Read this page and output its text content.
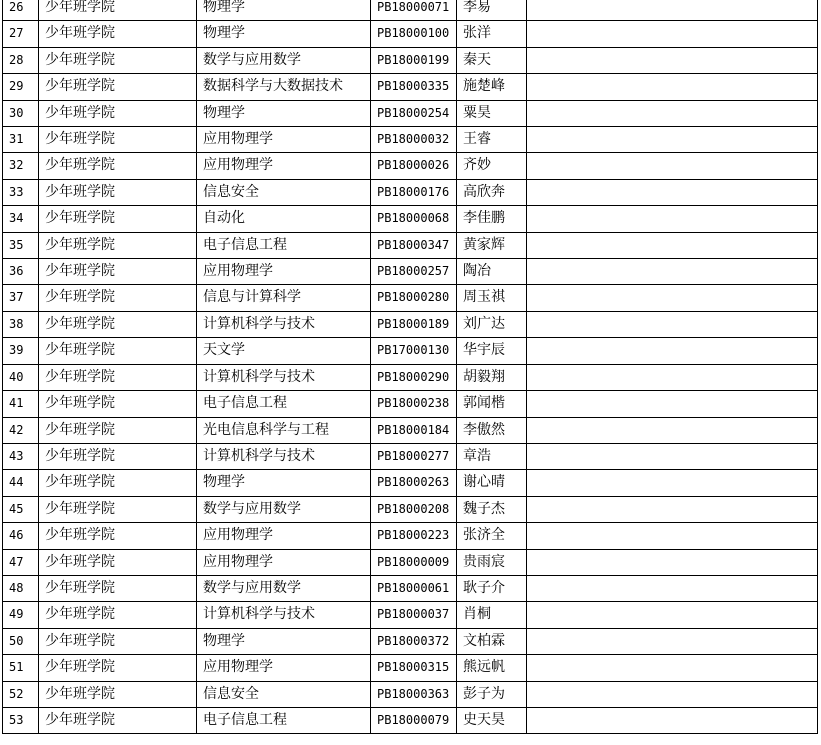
26	少年班学院	物理学	PB18000071	李易	
27	少年班学院	物理学	PB18000100	张洋	
28	少年班学院	数学与应用数学	PB18000199	秦天	
29	少年班学院	数据科学与大数据技术	PB18000335	施楚峰	
30	少年班学院	物理学	PB18000254	粟昊	
31	少年班学院	应用物理学	PB18000032	王睿	
32	少年班学院	应用物理学	PB18000026	齐妙	
33	少年班学院	信息安全	PB18000176	高欣奔	
34	少年班学院	自动化	PB18000068	李佳鹏	
35	少年班学院	电子信息工程	PB18000347	黄家辉	
36	少年班学院	应用物理学	PB18000257	陶冶	
37	少年班学院	信息与计算科学	PB18000280	周玉祺	
38	少年班学院	计算机科学与技术	PB18000189	刘广达	
39	少年班学院	天文学	PB17000130	华宇辰	
40	少年班学院	计算机科学与技术	PB18000290	胡毅翔	
41	少年班学院	电子信息工程	PB18000238	郭闻楷	
42	少年班学院	光电信息科学与工程	PB18000184	李傲然	
43	少年班学院	计算机科学与技术	PB18000277	章浩	
44	少年班学院	物理学	PB18000263	谢心晴	
45	少年班学院	数学与应用数学	PB18000208	魏子杰	
46	少年班学院	应用物理学	PB18000223	张济全	
47	少年班学院	应用物理学	PB18000009	贵雨宸	
48	少年班学院	数学与应用数学	PB18000061	耿子介	
49	少年班学院	计算机科学与技术	PB18000037	肖桐	
50	少年班学院	物理学	PB18000372	文柏霖	
51	少年班学院	应用物理学	PB18000315	熊远帆	
52	少年班学院	信息安全	PB18000363	彭子为	
53	少年班学院	电子信息工程	PB18000079	史天昊	
